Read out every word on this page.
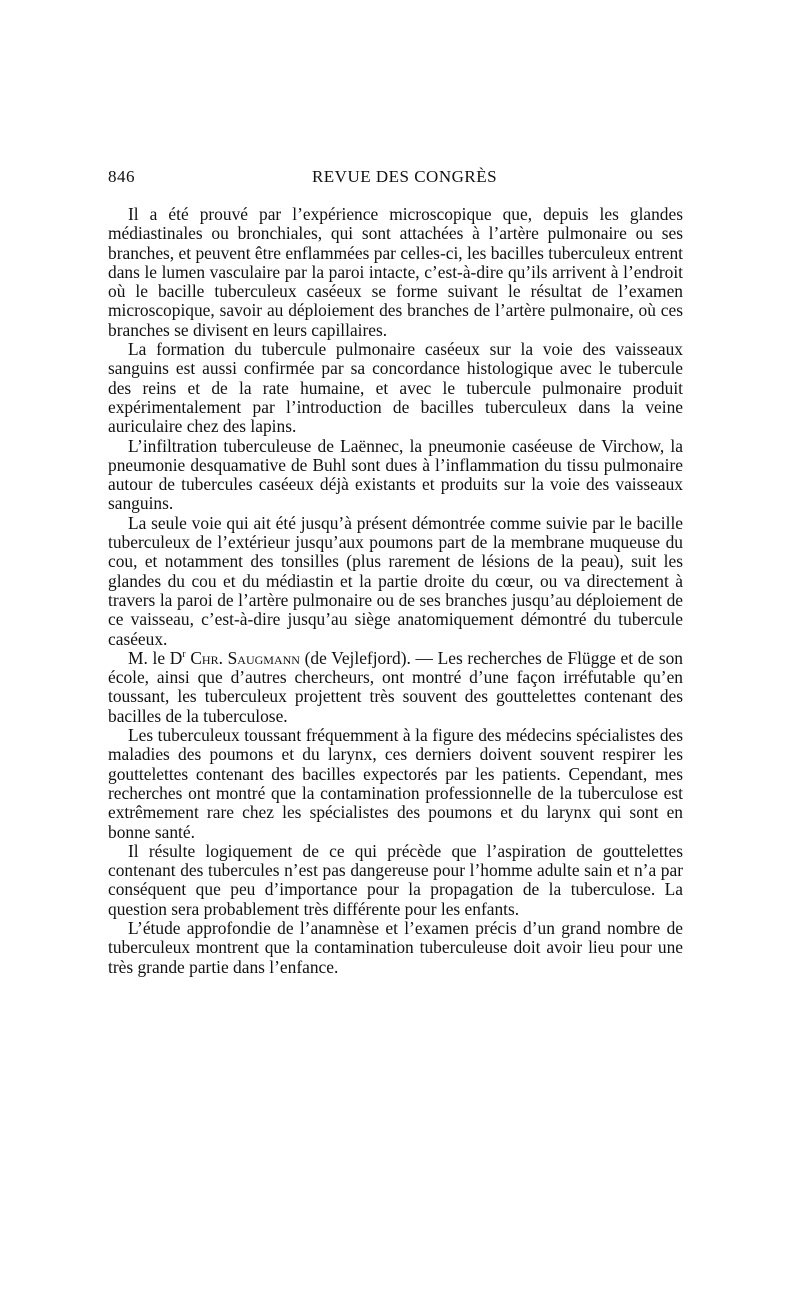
846	REVUE DES CONGRÈS

Il a été prouvé par l’expérience microscopique que, depuis les glandes médiastinales ou bronchiales, qui sont attachées à l’artère pulmonaire ou ses branches, et peuvent être enflammées par celles-ci, les bacilles tuberculeux entrent dans le lumen vasculaire par la paroi intacte, c’est-à-dire qu’ils arrivent à l’endroit où le bacille tuberculeux caséeux se forme suivant le résultat de l’examen microscopique, savoir au déploiement des branches de l’artère pulmonaire, où ces branches se divisent en leurs capillaires.

La formation du tubercule pulmonaire caséeux sur la voie des vaisseaux sanguins est aussi confirmée par sa concordance histologique avec le tubercule des reins et de la rate humaine, et avec le tubercule pulmonaire produit expérimentalement par l’introduction de bacilles tuberculeux dans la veine auriculaire chez des lapins.

L’infiltration tuberculeuse de Laënnec, la pneumonie caséeuse de Virchow, la pneumonie desquamative de Buhl sont dues à l’inflammation du tissu pulmonaire autour de tubercules caséeux déjà existants et produits sur la voie des vaisseaux sanguins.

La seule voie qui ait été jusqu’à présent démontrée comme suivie par le bacille tuberculeux de l’extérieur jusqu’aux poumons part de la membrane muqueuse du cou, et notamment des tonsilles (plus rarement de lésions de la peau), suit les glandes du cou et du médiastin et la partie droite du cœur, ou va directement à travers la paroi de l’artère pulmonaire ou de ses branches jusqu’au déploiement de ce vaisseau, c’est-à-dire jusqu’au siège anatomiquement démontré du tubercule caséeux.

M. le $D^r$ Chr. Saugmann (de Vejlefjord). — Les recherches de Flügge et de son école, ainsi que d’autres chercheurs, ont montré d’une façon irréfutable qu’en toussant, les tuberculeux projettent très souvent des gouttelettes contenant des bacilles de la tuberculose.

Les tuberculeux toussant fréquemment à la figure des médecins spécialistes des maladies des poumons et du larynx, ces derniers doivent souvent respirer les gouttelettes contenant des bacilles expectorés par les patients. Cependant, mes recherches ont montré que la contamination professionnelle de la tuberculose est extrêmement rare chez les spécialistes des poumons et du larynx qui sont en bonne santé.

Il résulte logiquement de ce qui précède que l’aspiration de gouttelettes contenant des tubercules n’est pas dangereuse pour l’homme adulte sain et n’a par conséquent que peu d’importance pour la propagation de la tuberculose. La question sera probablement très différente pour les enfants.

L’étude approfondie de l’anamnèse et l’examen précis d’un grand nombre de tuberculeux montrent que la contamination tuberculeuse doit avoir lieu pour une très grande partie dans l’enfance.
